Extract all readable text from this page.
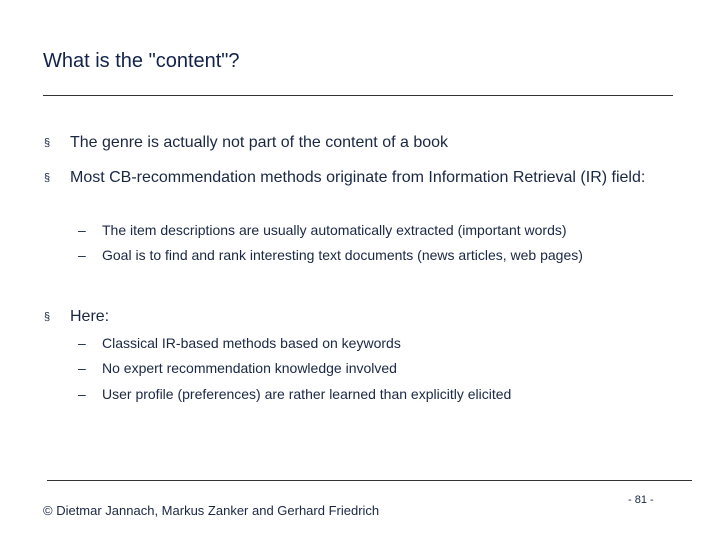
What is the "content"?
§	The genre is actually not part of the content of a book
§	Most CB-recommendation methods originate from Information Retrieval (IR) field:
– The item descriptions are usually automatically extracted (important words)
– Goal is to find and rank interesting text documents (news articles, web pages)
§	Here:
– Classical IR-based methods based on keywords
– No expert recommendation knowledge involved
– User profile (preferences) are rather learned than explicitly elicited
© Dietmar Jannach, Markus Zanker and Gerhard Friedrich
- 81 -
